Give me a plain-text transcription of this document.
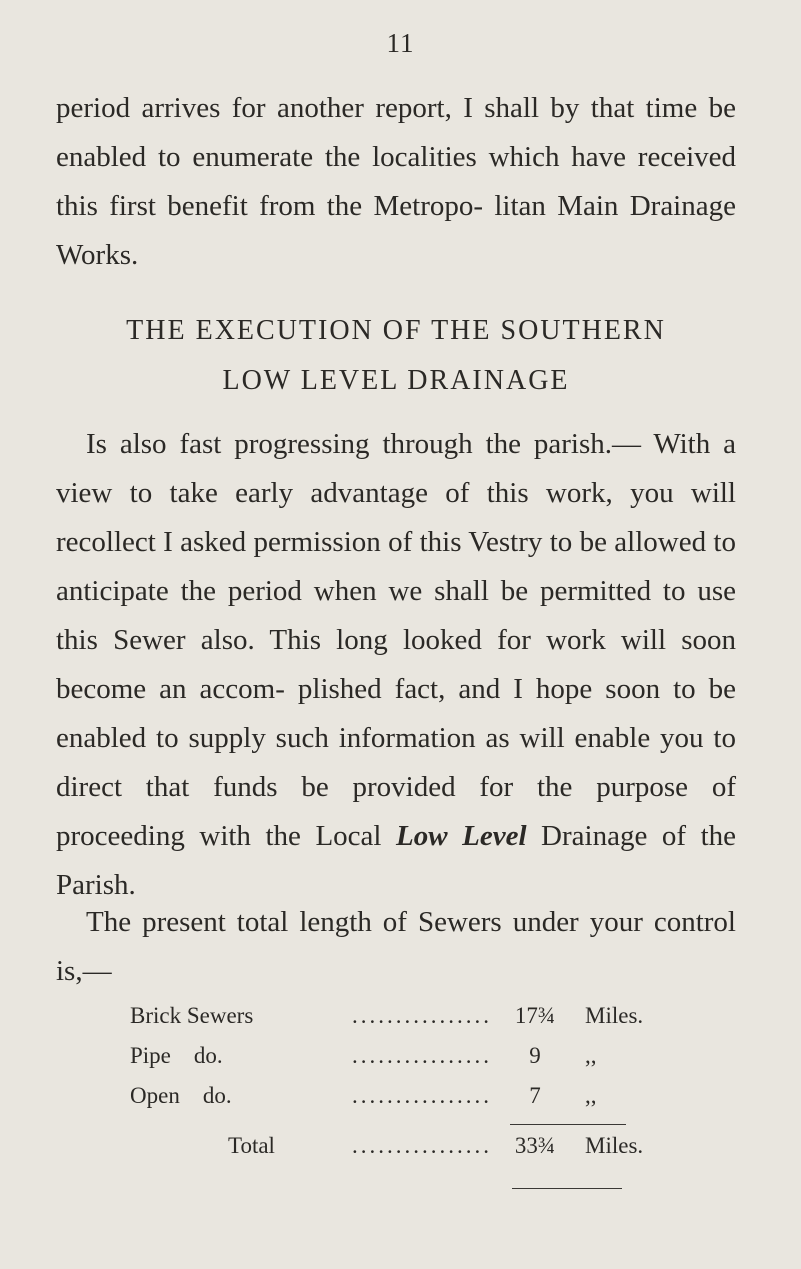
11

period arrives for another report, I shall by that time be enabled to enumerate the localities which have received this first benefit from the Metropo- litan Main Drainage Works.

THE EXECUTION OF THE SOUTHERN
LOW LEVEL DRAINAGE

Is also fast progressing through the parish.— With a view to take early advantage of this work, you will recollect I asked permission of this Vestry to be allowed to anticipate the period when we shall be permitted to use this Sewer also. This long looked for work will soon become an accom- plished fact, and I hope soon to be enabled to supply such information as will enable you to direct that funds be provided for the purpose of proceeding with the Local Low Level Drainage of the Parish.

The present total length of Sewers under your control is,—

................
Brick Sewers	17¾ Miles.
................
Pipe    do.	9	,,
................
Open    do.	7	,,
................
Total	33¾ Miles.
